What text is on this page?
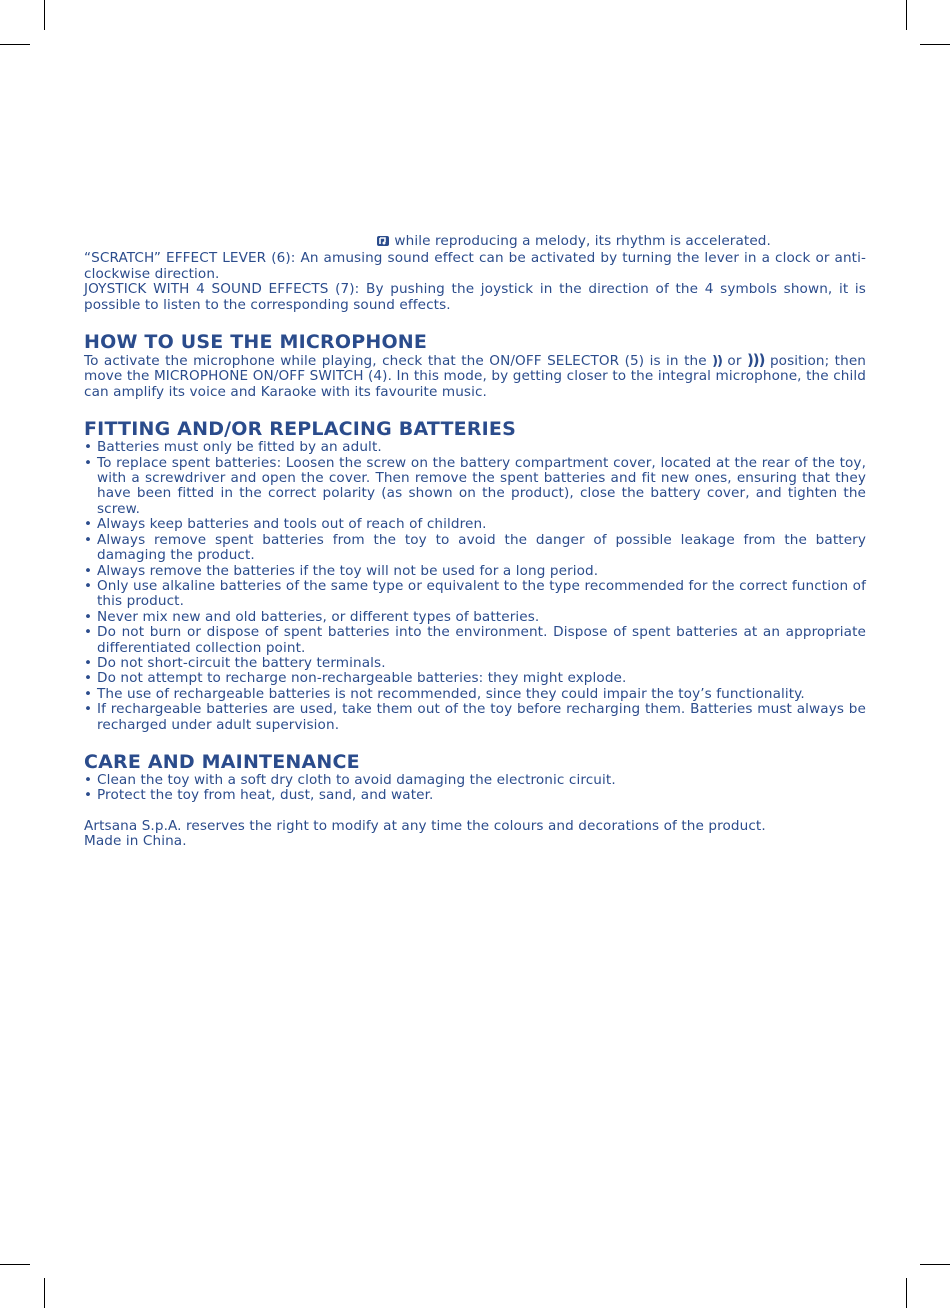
while reproducing a melody, its rhythm is accelerated.

“SCRATCH” EFFECT LEVER (6): An amusing sound effect can be activated by turning the lever in a clock or anti-clockwise direction.

JOYSTICK WITH 4 SOUND EFFECTS (7): By pushing the joystick in the direction of the 4 symbols shown, it is possible to listen to the corresponding sound effects.

HOW TO USE THE MICROPHONE

To activate the microphone while playing, check that the ON/OFF SELECTOR (5) is in the )) or ))) position; then move the MICROPHONE ON/OFF SWITCH (4). In this mode, by getting closer to the integral microphone, the child can amplify its voice and Karaoke with its favourite music.

FITTING AND/OR REPLACING BATTERIES
• Batteries must only be fitted by an adult.
• To replace spent batteries: Loosen the screw on the battery compartment cover, located at the rear of the toy, with a screwdriver and open the cover. Then remove the spent batteries and fit new ones, ensuring that they have been fitted in the correct polarity (as shown on the product), close the battery cover, and tighten the screw.
• Always keep batteries and tools out of reach of children.
• Always remove spent batteries from the toy to avoid the danger of possible leakage from the battery damaging the product.
• Always remove the batteries if the toy will not be used for a long period.
• Only use alkaline batteries of the same type or equivalent to the type recommended for the correct function of this product.
• Never mix new and old batteries, or different types of batteries.
• Do not burn or dispose of spent batteries into the environment. Dispose of spent batteries at an appropriate differentiated collection point.
• Do not short-circuit the battery terminals.
• Do not attempt to recharge non-rechargeable batteries: they might explode.
• The use of rechargeable batteries is not recommended, since they could impair the toy’s functionality.
• If rechargeable batteries are used, take them out of the toy before recharging them. Batteries must always be recharged under adult supervision.
CARE AND MAINTENANCE
• Clean the toy with a soft dry cloth to avoid damaging the electronic circuit.
• Protect the toy from heat, dust, sand, and water.

Artsana S.p.A. reserves the right to modify at any time the colours and decorations of the product.

Made in China.
